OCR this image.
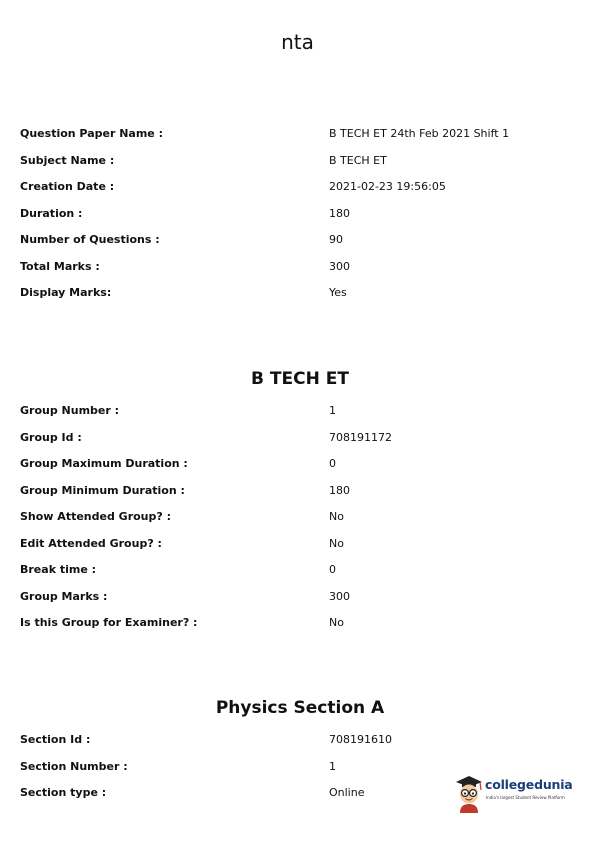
nta
Question Paper Name :	B TECH ET 24th Feb 2021 Shift 1
Subject Name :	B TECH ET
Creation Date :	2021-02-23 19:56:05
Duration :	180
Number of Questions :	90
Total Marks :	300
Display Marks:	Yes
B TECH ET
Group Number :	1
Group Id :	708191172
Group Maximum Duration :	0
Group Minimum Duration :	180
Show Attended Group? :	No
Edit Attended Group? :	No
Break time :	0
Group Marks :	300
Is this Group for Examiner? :	No
Physics Section A
Section Id :	708191610
Section Number :	1
Section type :	Online
collegedunia
India's largest Student Review Platform
